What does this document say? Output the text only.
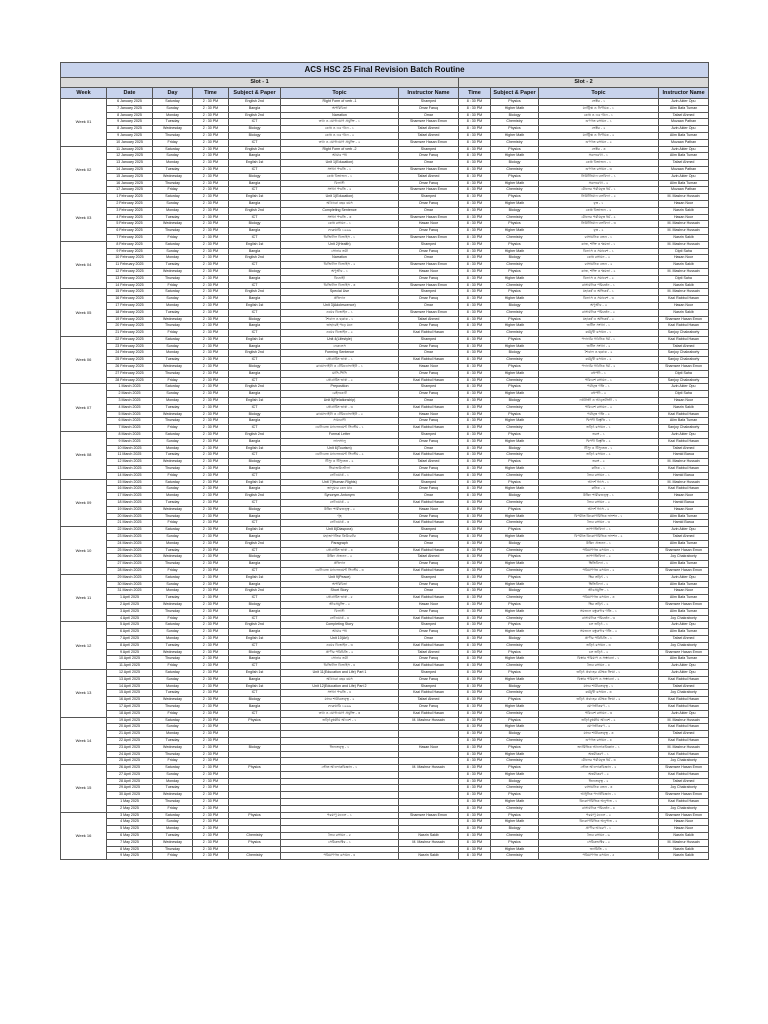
ACS HSC 25 Final Revision Batch Routine										
Slot - 1							Slot - 2			
Week	Date	Day	Time	Subject & Paper	Topic	Instructor Name	Time	Subject & Paper	Topic	Instructor Name
Week 01	6 January 2025	Saturday	2 : 30 PM	English 2nd	Right Form of verb -1	Shamped	8 : 30 PM	Physics	ভেক্টর - ১	Azin Akter Opu
	7 January 2025	Sunday	2 : 30 PM	Bangla	অপরিচিতা	Omar Faruq	8 : 30 PM	Higher Math	ম্যাট্রিক্স ও নির্ণায়ক - ১	Alim Bafa Tuman
	8 January 2025	Monday	2 : 30 PM	English 2nd	Narration	Omar	8 : 30 PM	Biology	কোষ ও এর গঠন - ১	Tafael Ahmed
	9 January 2025	Tuesday	2 : 30 PM	ICT	তথ্য ও যোগাযোগ প্রযুক্তি - ১	Shamsee Hasan Emon	8 : 30 PM	Chemistry	গুণগত রসায়ন - ১	Mozaan Pathan
	8 January 2025	Wednesday	2 : 30 PM	Biology	কোষ ও এর গঠন - ১	Tafael Ahmed	8 : 30 PM	Physics	ভেক্টর - ২	Azin Akter Opu
	9 January 2025	Thursday	2 : 30 PM	Biology	কোষ ও এর গঠন - ২	Tafael Ahmed	8 : 30 PM	Higher Math	ম্যাট্রিক্স ও নির্ণায়ক - ২	Alim Bafa Tuman
	10 January 2025	Friday	2 : 30 PM	ICT	তথ্য ও যোগাযোগ প্রযুক্তি - ২	Shamsee Hasan Emon	8 : 30 PM	Chemistry	গুণগত রসায়ন - ২	Mozaan Pathan
Week 02	11 January 2025	Saturday	2 : 30 PM	English 2nd	Right Form of verb -2	Shamped	8 : 30 PM	Physics	ভেক্টর - ৩	Azin Akter Opu
	12 January 2025	Sunday	2 : 30 PM	Bangla	আমার পথ	Omar Faruq	8 : 30 PM	Higher Math	সরলরেখা - ১	Alim Bafa Tuman
	13 January 2025	Monday	2 : 30 PM	English 1st	Unit 1(Education)	Omar	8 : 30 PM	Biology	কোষ বিভাজন - ১	Tafael Ahmed
	14 January 2025	Tuesday	2 : 30 PM	ICT	সংখ্যা পদ্ধতি - ১	Shamsee Hasan Emon	8 : 30 PM	Chemistry	গুণগত রসায়ন - ৩	Mozaan Pathan
	15 January 2025	Wednesday	2 : 30 PM	Biology	কোষ বিভাজন - ১	Tafael Ahmed	8 : 30 PM	Physics	নিউটনিয়ান বলবিদ্যা - ১	Azin Akter Opu
	16 January 2025	Thursday	2 : 30 PM	Bangla	বিলাসী	Omar Faruq	8 : 30 PM	Higher Math	সরলরেখা - ২	Alim Bafa Tuman
	17 January 2025	Friday	2 : 30 PM	ICT	সংখ্যা পদ্ধতি - ২	Shamsee Hasan Emon	8 : 30 PM	Chemistry	মৌলের পর্যায়বৃত্ত ধর্ম - ১	Mozaan Pathan
Week 03	1 February 2025	Saturday	2 : 30 PM	English 1st	Unit 1(Education)	Shamped	8 : 30 PM	Physics	নিউটনিয়ান বলবিদ্যা - ২	M. Mashrur Hussain
	2 February 2025	Sunday	2 : 30 PM	Bangla	আঠারো বছর বয়স	Omar Faruq	8 : 30 PM	Higher Math	বৃত্ত - ১	Hasan Noor
	3 February 2025	Monday	2 : 30 PM	English 2nd	Completing Sentence	Omar	8 : 30 PM	Biology	কোষ বিভাজন - ২	Nasrin Sakib
	4 February 2025	Tuesday	2 : 30 PM	ICT	সংখ্যা পদ্ধতি - ৩	Shamsee Hasan Emon	8 : 30 PM	Chemistry	মৌলের পর্যায়বৃত্ত ধর্ম - ২	Hasan Noor
	5 February 2025	Wednesday	2 : 30 PM	Biology	কোষ রসায়ন - ১	Hasan Noor	8 : 30 PM	Physics	নিউটনিয়ান বলবিদ্যা - ৩	M. Mashrur Hussain
	6 February 2025	Thursday	2 : 30 PM	Bangla	ফেব্রুয়ারি ১৯৬৯	Omar Faruq	8 : 30 PM	Higher Math	বৃত্ত - ২	M. Mashrur Hussain
	7 February 2025	Friday	2 : 30 PM	ICT	ডিজিটাল ডিভাইস - ১	Shamsee Hasan Emon	8 : 30 PM	Chemistry	রাসায়নিক বন্ধন - ১	Nasrin Sakib
Week 04	8 February 2025	Saturday	2 : 30 PM	English 1st	Unit 2(Health)	Shamped	8 : 30 PM	Physics	কাজ, শক্তি ও ক্ষমতা - ১	M. Mashrur Hussain
	9 February 2025	Sunday	2 : 30 PM	Bangla	সোনার তরী	Omar Faruq	8 : 30 PM	Higher Math	বিন্যাস ও সমাবেশ - ১	Dipti Saha
	10 February 2025	Monday	2 : 30 PM	English 2nd	Narration	Omar	8 : 30 PM	Biology	কোষ রসায়ন - ২	Hasan Noor
	11 February 2025	Tuesday	2 : 30 PM	ICT	ডিজিটাল ডিভাইস - ২	Shamsee Hasan Emon	8 : 30 PM	Chemistry	রাসায়নিক বন্ধন - ২	Nasrin Sakib
	12 February 2025	Wednesday	2 : 30 PM	Biology	অণুজীব - ১	Hasan Noor	8 : 30 PM	Physics	কাজ, শক্তি ও ক্ষমতা - ২	M. Mashrur Hussain
	13 February 2025	Thursday	2 : 30 PM	Bangla	বিদ্রোহী	Omar Faruq	8 : 30 PM	Higher Math	বিন্যাস ও সমাবেশ - ২	Dipti Saha
	14 February 2025	Friday	2 : 30 PM	ICT	ডিজিটাল ডিভাইস - ৩	Shamsee Hasan Emon	8 : 30 PM	Chemistry	রাসায়নিক পরিবর্তন - ১	Nasrin Sakib
Week 05	15 February 2025	Saturday	2 : 30 PM	English 2nd	Special Use	Shamped	8 : 30 PM	Physics	মহাকর্ষ ও অভিকর্ষ - ১	M. Mashrur Hussain
	16 February 2025	Sunday	2 : 30 PM	Bangla	প্রতিদান	Omar Faruq	8 : 30 PM	Higher Math	বিন্যাস ও সমাবেশ - ৩	Kazi Rabbul Hasan
	17 February 2025	Monday	2 : 30 PM	English 1st	Unit 3(Adolescence)	Omar	8 : 30 PM	Biology	অণুজীব - ২	Hasan Noor
	18 February 2025	Tuesday	2 : 30 PM	ICT	ওয়েব ডিজাইন - ১	Shamsee Hasan Emon	8 : 30 PM	Chemistry	রাসায়নিক পরিবর্তন - ২	Nasrin Sakib
	19 February 2025	Wednesday	2 : 30 PM	Biology	শৈবাল ও ছত্রাক - ১	Tafael Ahmed	8 : 30 PM	Physics	মহাকর্ষ ও অভিকর্ষ - ২	Shamsee Hasan Emon
	20 February 2025	Thursday	2 : 30 PM	Bangla	তাহারেই পড়ে মনে	Omar Faruq	8 : 30 PM	Higher Math	জটিল সংখ্যা - ১	Kazi Rabbul Hasan
	21 February 2025	Friday	2 : 30 PM	ICT	ওয়েব ডিজাইন - ২	Kazi Rabbul Hasan	8 : 30 PM	Chemistry	কর্মমুখী রসায়ন - ১	Sanjoy Chakraborty
Week 06	22 February 2025	Saturday	2 : 30 PM	English 1st	Unit 4(Lifestyle)	Shamped	8 : 30 PM	Physics	পদার্থের গাঠনিক ধর্ম - ১	Kazi Rabbul Hasan
	23 February 2025	Sunday	2 : 30 PM	Bangla	নেকলেস	Omar Faruq	8 : 30 PM	Higher Math	জটিল সংখ্যা - ২	Tafael Ahmed
	24 February 2025	Monday	2 : 30 PM	English 2nd	Forming Sentence	Omar	8 : 30 PM	Biology	শৈবাল ও ছত্রাক - ২	Sanjoy Chakraborty
	25 February 2025	Tuesday	2 : 30 PM	ICT	প্রোগ্রামিং ভাষা - ১	Kazi Rabbul Hasan	8 : 30 PM	Chemistry	কর্মমুখী রসায়ন - ২	Sanjoy Chakraborty
	26 February 2025	Wednesday	2 : 30 PM	Biology	ব্রায়োফাইটা ও টেরিডোফাইটা - ১	Hasan Noor	8 : 30 PM	Physics	পদার্থের গাঠনিক ধর্ম - ২	Shamsee Hasan Emon
	27 February 2025	Thursday	2 : 30 PM	Bangla	মাসি-পিসি	Omar Faruq	8 : 30 PM	Higher Math	বহুপদী - ১	Dipti Saha
	28 February 2025	Friday	2 : 30 PM	ICT	প্রোগ্রামিং ভাষা - ২	Kazi Rabbul Hasan	8 : 30 PM	Chemistry	পরিবেশ রসায়ন - ১	Sanjoy Chakraborty
Week 07	1 March 2025	Saturday	2 : 30 PM	English 2nd	Preposition	Shamped	8 : 30 PM	Physics	পর্যাবৃত্ত গতি - ১	Azin Akter Opu
	2 March 2025	Sunday	2 : 30 PM	Bangla	রেইনকোট	Omar Faruq	8 : 30 PM	Higher Math	বহুপদী - ২	Dipti Saha
	3 March 2025	Monday	2 : 30 PM	English 1st	Unit 5(Relationship)	Omar	8 : 30 PM	Biology	নগ্নবীজী ও আবৃতবীজী - ১	Hasan Noor
	4 March 2025	Tuesday	2 : 30 PM	ICT	প্রোগ্রামিং ভাষা - ৩	Kazi Rabbul Hasan	8 : 30 PM	Chemistry	পরিবেশ রসায়ন - ২	Nasrin Sakib
	5 March 2025	Wednesday	2 : 30 PM	Biology	ব্রায়োফাইটা ও টেরিডোফাইটা - ২	Hasan Noor	8 : 30 PM	Physics	পর্যাবৃত্ত গতি - ২	Kazi Rabbul Hasan
	6 March 2025	Thursday	2 : 30 PM	Bangla	সাম্যবাদী	Omar Faruq	8 : 30 PM	Higher Math	দ্বিপদী বিস্তৃতি - ১	Alim Bafa Tuman
	7 March 2025	Friday	2 : 30 PM	ICT	ডেটাবেজ ম্যানেজমেন্ট সিস্টেম - ১	Kazi Rabbul Hasan	8 : 30 PM	Chemistry	তড়িৎ রসায়ন - ১	Sanjoy Chakraborty
Week 08	8 March 2025	Saturday	2 : 30 PM	English 2nd	Formal Letter	Shamped	8 : 30 PM	Physics	তরঙ্গ - ১	Azin Akter Opu
	9 March 2025	Sunday	2 : 30 PM	Bangla	লালসালু	Omar Faruq	8 : 30 PM	Higher Math	দ্বিপদী বিস্তৃতি - ২	Kazi Rabbul Hasan
	10 March 2025	Monday	2 : 30 PM	English 1st	Unit 6(Tourism)	Omar	8 : 30 PM	Biology	টিস্যু ও টিস্যুতন্ত্র - ১	Tafael Ahmed
	11 March 2025	Tuesday	2 : 30 PM	ICT	ডেটাবেজ ম্যানেজমেন্ট সিস্টেম - ২	Kazi Rabbul Hasan	8 : 30 PM	Chemistry	তড়িৎ রসায়ন - ২	Hamid Barua
	12 March 2025	Wednesday	2 : 30 PM	Biology	টিস্যু ও টিস্যুতন্ত্র - ২	Tafael Ahmed	8 : 30 PM	Physics	তরঙ্গ - ২	M. Mashrur Hussain
	13 March 2025	Thursday	2 : 30 PM	Bangla	সিরাজউদ্দৌলা	Omar Faruq	8 : 30 PM	Higher Math	কনিক - ১	Kazi Rabbul Hasan
	14 March 2025	Friday	2 : 30 PM	ICT	নেটওয়ার্ক - ১	Kazi Rabbul Hasan	8 : 30 PM	Chemistry	জৈব রসায়ন - ১	Hamid Barua
Week 09	15 March 2025	Saturday	2 : 30 PM	English 1st	Unit 7(Human Rights)	Shamped	8 : 30 PM	Physics	আদর্শ গ্যাস - ১	M. Mashrur Hussain
	16 March 2025	Sunday	2 : 30 PM	Bangla	জাদুঘরে কেন যাব	Omar Faruq	8 : 30 PM	Higher Math	কনিক - ২	Kazi Rabbul Hasan
	17 March 2025	Monday	2 : 30 PM	English 2nd	Synonym-Antonym	Omar	8 : 30 PM	Biology	উদ্ভিদ শারীরতত্ত্ব - ১	Hasan Noor
	18 March 2025	Tuesday	2 : 30 PM	ICT	নেটওয়ার্ক - ২	Kazi Rabbul Hasan	8 : 30 PM	Chemistry	জৈব রসায়ন - ২	Hamid Barua
	19 March 2025	Wednesday	2 : 30 PM	Biology	উদ্ভিদ শারীরতত্ত্ব - ২	Hasan Noor	8 : 30 PM	Physics	আদর্শ গ্যাস - ২	Hasan Noor
	20 March 2025	Thursday	2 : 30 PM	Bangla	গৃহ	Omar Faruq	8 : 30 PM	Higher Math	বিপরীত ত্রিকোণমিতিক ফাংশন - ১	Alim Bafa Tuman
	21 March 2025	Friday	2 : 30 PM	ICT	নেটওয়ার্ক - ৩	Kazi Rabbul Hasan	8 : 30 PM	Chemistry	জৈব রসায়ন - ৩	Hamid Barua
Week 10	22 March 2025	Saturday	2 : 30 PM	English 1st	Unit 8(Diaspora)	Shamped	8 : 30 PM	Physics	তাপগতিবিদ্যা - ১	Azin Akter Opu
	23 March 2025	Sunday	2 : 30 PM	Bangla	মহাজাগতিক কিউরেটর	Omar Faruq	8 : 30 PM	Higher Math	বিপরীত ত্রিকোণমিতিক ফাংশন - ২	Tafael Ahmed
	24 March 2025	Monday	2 : 30 PM	English 2nd	Paragraph	Omar	8 : 30 PM	Biology	উদ্ভিদ প্রজনন - ১	Alim Bafa Tuman
	25 March 2025	Tuesday	2 : 30 PM	ICT	প্রোগ্রামিং ভাষা - ৪	Kazi Rabbul Hasan	8 : 30 PM	Chemistry	পরিমাণগত রসায়ন - ১	Shamsee Hasan Emon
	26 March 2025	Wednesday	2 : 30 PM	Biology	উদ্ভিদ প্রজনন - ২	Tafael Ahmed	8 : 30 PM	Physics	তাপগতিবিদ্যা - ২	Joy Chakraborty
	27 March 2025	Thursday	2 : 30 PM	Bangla	প্রতিদান	Omar Faruq	8 : 30 PM	Higher Math	স্থিতিবিদ্যা - ১	Alim Bafa Tuman
	28 March 2025	Friday	2 : 30 PM	ICT	ডেটাবেজ ম্যানেজমেন্ট সিস্টেম - ৩	Kazi Rabbul Hasan	8 : 30 PM	Chemistry	পরিমাণগত রসায়ন - ২	Shamsee Hasan Emon
Week 11	29 March 2025	Saturday	2 : 30 PM	English 1st	Unit 9(Peace)	Shamped	8 : 30 PM	Physics	স্থির তড়িৎ - ১	Azin Akter Opu
	30 March 2025	Sunday	2 : 30 PM	Bangla	অপরিচিতা	Omar Faruq	8 : 30 PM	Higher Math	স্থিতিবিদ্যা - ২	Alim Bafa Tuman
	31 March 2025	Monday	2 : 30 PM	English 2nd	Short Story	Omar	8 : 30 PM	Biology	জীবপ্রযুক্তি - ১	Hasan Noor
	1 April 2025	Tuesday	2 : 30 PM	ICT	প্রোগ্রামিং ভাষা - ৫	Kazi Rabbul Hasan	8 : 30 PM	Chemistry	পরিমাণগত রসায়ন - ৩	Alim Bafa Tuman
	2 April 2025	Wednesday	2 : 30 PM	Biology	জীবপ্রযুক্তি - ২	Hasan Noor	8 : 30 PM	Physics	স্থির তড়িৎ - ২	Shamsee Hasan Emon
	3 April 2025	Thursday	2 : 30 PM	Bangla	বিলাসী	Omar Faruq	8 : 30 PM	Higher Math	সমতলে বস্তুকণার গতি - ১	Alim Bafa Tuman
	4 April 2025	Friday	2 : 30 PM	ICT	নেটওয়ার্ক - ৪	Kazi Rabbul Hasan	8 : 30 PM	Chemistry	রাসায়নিক পরিবর্তন - ৩	Joy Chakraborty
Week 12	5 April 2025	Saturday	2 : 30 PM	English 2nd	Completing Story	Shamped	8 : 30 PM	Physics	চল তড়িৎ - ১	Azin Akter Opu
	6 April 2025	Sunday	2 : 30 PM	Bangla	আমার পথ	Omar Faruq	8 : 30 PM	Higher Math	সমতলে বস্তুকণার গতি - ২	Alim Bafa Tuman
	7 April 2025	Monday	2 : 30 PM	English 1st	Unit 10(Art)	Omar	8 : 30 PM	Biology	প্রাণীর পরিচিতি - ১	Tafael Ahmed
	8 April 2025	Tuesday	2 : 30 PM	ICT	ওয়েব ডিজাইন - ৩	Kazi Rabbul Hasan	8 : 30 PM	Chemistry	তড়িৎ রসায়ন - ৩	Joy Chakraborty
	9 April 2025	Wednesday	2 : 30 PM	Biology	প্রাণীর পরিচিতি - ২	Tafael Ahmed	8 : 30 PM	Physics	চল তড়িৎ - ২	Shamsee Hasan Emon
	10 April 2025	Thursday	2 : 30 PM	Bangla	সোনার তরী	Omar Faruq	8 : 30 PM	Higher Math	বিস্তার পরিমাপ ও সম্ভাবনা - ১	Alim Bafa Tuman
	11 April 2025	Friday	2 : 30 PM	ICT	ডিজিটাল ডিভাইস - ৪	Kazi Rabbul Hasan	8 : 30 PM	Chemistry	জৈব রসায়ন - ৪	Azin Akter Opu
Week 13	12 April 2025	Saturday	2 : 30 PM	English 1st	Unit 11(Education and Life) Part 1	Shamped	8 : 30 PM	Physics	তড়িৎ প্রবাহের চৌম্বক ক্রিয়া - ১	Azin Akter Opu
	13 April 2025	Sunday	2 : 30 PM	Bangla	আঠারো বছর বয়স	Omar Faruq	8 : 30 PM	Higher Math	বিস্তার পরিমাপ ও সম্ভাবনা - ২	Kazi Rabbul Hasan
	14 April 2025	Monday	2 : 30 PM	English 1st	Unit 12(Education and Life) Part 2	Shamped	8 : 30 PM	Biology	মানব শারীরতত্ত্ব - ১	Tafael Ahmed
	15 April 2025	Tuesday	2 : 30 PM	ICT	সংখ্যা পদ্ধতি - ৪	Kazi Rabbul Hasan	8 : 30 PM	Chemistry	কর্মমুখী রসায়ন - ৩	Joy Chakraborty
	16 April 2025	Wednesday	2 : 30 PM	Biology	মানব শারীরতত্ত্ব - ২	Tafael Ahmed	8 : 30 PM	Physics	তড়িৎ প্রবাহের চৌম্বক ক্রিয়া - ২	Kazi Rabbul Hasan
	17 April 2025	Thursday	2 : 30 PM	Bangla	ফেব্রুয়ারি ১৯৬৯	Omar Faruq	8 : 30 PM	Higher Math	যোগজীকরণ - ১	Kazi Rabbul Hasan
	18 April 2025	Friday	2 : 30 PM	ICT	তথ্য ও যোগাযোগ প্রযুক্তি - ৩	Kazi Rabbul Hasan	8 : 30 PM	Chemistry	পরিবেশ রসায়ন - ৩	Azin Akter Opu
Week 14	19 April 2025	Saturday	2 : 30 PM	Physics	তড়িৎচুম্বকীয় আবেশ - ১	M. Mashrur Hussain	8 : 30 PM	Physics	তড়িৎচুম্বকীয় আবেশ - ২	M. Mashrur Hussain
	20 April 2025	Sunday	2 : 30 PM				8 : 30 PM	Higher Math	যোগজীকরণ - ২	Kazi Rabbul Hasan
	21 April 2025	Monday	2 : 30 PM				8 : 30 PM	Biology	মানব শারীরতত্ত্ব - ৩	Tafael Ahmed
	22 April 2025	Tuesday	2 : 30 PM				8 : 30 PM	Chemistry	গুণগত রসায়ন - ৪	Kazi Rabbul Hasan
	23 April 2025	Wednesday	2 : 30 PM	Biology	জিনতত্ত্ব - ১	Hasan Noor	8 : 30 PM	Physics	জ্যামিতিক আলোকবিজ্ঞান - ১	M. Mashrur Hussain
	24 April 2025	Thursday	2 : 30 PM				8 : 30 PM	Higher Math	অন্তরীকরণ - ১	Kazi Rabbul Hasan
	25 April 2025	Friday	2 : 30 PM				8 : 30 PM	Chemistry	মৌলের পর্যায়বৃত্ত ধর্ম - ৩	Joy Chakraborty
Week 15	26 April 2025	Saturday	2 : 30 PM	Physics	ভৌত আলোকবিজ্ঞান - ১	M. Mashrur Hussain	8 : 30 PM	Physics	ভৌত আলোকবিজ্ঞান - ২	Shamsee Hasan Emon
	27 April 2025	Sunday	2 : 30 PM				8 : 30 PM	Higher Math	অন্তরীকরণ - ২	Kazi Rabbul Hasan
	28 April 2025	Monday	2 : 30 PM				8 : 30 PM	Biology	জিনতত্ত্ব - ২	Tafael Ahmed
	29 April 2025	Tuesday	2 : 30 PM				8 : 30 PM	Chemistry	রাসায়নিক বন্ধন - ৩	Joy Chakraborty
	30 April 2025	Wednesday	2 : 30 PM				8 : 30 PM	Physics	আধুনিক পদার্থবিজ্ঞান - ১	Shamsee Hasan Emon
	1 May 2025	Thursday	2 : 30 PM				8 : 30 PM	Higher Math	ত্রিকোণমিতিক অনুপাত - ১	Kazi Rabbul Hasan
	2 May 2025	Friday	2 : 30 PM				8 : 30 PM	Chemistry	রাসায়নিক পরিবর্তন - ৪	Joy Chakraborty
Week 16	3 May 2025	Saturday	2 : 30 PM	Physics	পরমাণু মডেল - ১	Shamsee Hasan Emon	8 : 30 PM	Physics	পরমাণু মডেল - ২	Shamsee Hasan Emon
	4 May 2025	Sunday	2 : 30 PM				8 : 30 PM	Higher Math	ত্রিকোণমিতিক অনুপাত - ২	Hasan Noor
	5 May 2025	Monday	2 : 30 PM				8 : 30 PM	Biology	প্রাণীর আচরণ - ১	Hasan Noor
	6 May 2025	Tuesday	2 : 30 PM	Chemistry	জৈব রসায়ন - ৫	Nasrin Sakib	8 : 30 PM	Chemistry	জৈব রসায়ন - ৬	Nasrin Sakib
	7 May 2025	Wednesday	2 : 30 PM	Physics	সেমিকন্ডাক্টর - ১	M. Mashrur Hussain	8 : 30 PM	Physics	সেমিকন্ডাক্টর - ২	M. Mashrur Hussain
	8 May 2025	Thursday	2 : 30 PM				8 : 30 PM	Higher Math	জ্যামিতি - ১	Nasrin Sakib
	9 May 2025	Friday	2 : 30 PM	Chemistry	পরিমাণগত রসায়ন - ৪	Nasrin Sakib	8 : 30 PM	Chemistry	পরিমাণগত রসায়ন - ৫	Nasrin Sakib
